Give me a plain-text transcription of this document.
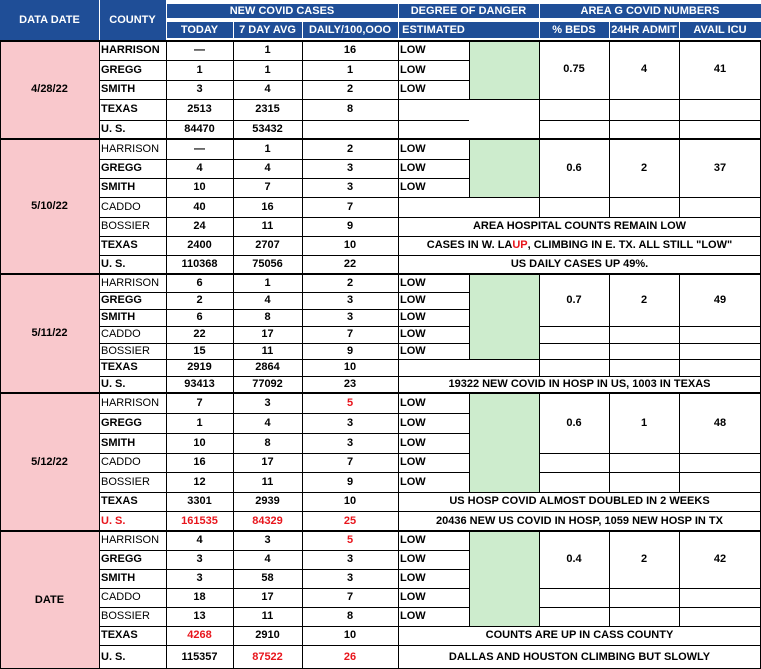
DATA DATE	COUNTY
NEW COVID CASES
TODAY	7 DAY AVG	DAILY/100,OOO
DEGREE OF DANGER
ESTIMATED
AREA G COVID NUMBERS
% BEDS	24HR ADMIT	AVAIL ICU
4/28/22
HARRISON	—	1	16	LOW
GREGG	1	1	1	LOW
SMITH	3	4	2	LOW
TEXAS	2513	2315	8
U. S.	84470	53432
0.75	4	41
5/10/22
HARRISON	—	1	2	LOW
GREGG	4	4	3	LOW
SMITH	10	7	3	LOW
CADDO	40	16	7
BOSSIER	24	11	9
TEXAS	2400	2707	10
U. S.	110368	75056	22
0.6	2	37
AREA HOSPITAL COUNTS REMAIN LOW
CASES IN W. LA UP , CLIMBING IN E. TX. ALL STILL "LOW"
US DAILY CASES UP 49%.
5/11/22
HARRISON	6	1	2	LOW
GREGG	2	4	3	LOW
SMITH	6	8	3	LOW
CADDO	22	17	7	LOW
BOSSIER	15	11	9	LOW
TEXAS	2919	2864	10
U. S.	93413	77092	23
0.7	2	49
19322 NEW COVID IN HOSP IN US, 1003 IN TEXAS
5/12/22
HARRISON	7	3	5	LOW
GREGG	1	4	3	LOW
SMITH	10	8	3	LOW
CADDO	16	17	7	LOW
BOSSIER	12	11	9	LOW
TEXAS	3301	2939	10
U. S.	161535	84329	25
0.6	1	48
US HOSP COVID ALMOST DOUBLED IN 2 WEEKS
20436 NEW US COVID IN HOSP, 1059 NEW HOSP IN TX
DATE
HARRISON	4	3	5	LOW
GREGG	3	4	3	LOW
SMITH	3	58	3	LOW
CADDO	18	17	7	LOW
BOSSIER	13	11	8	LOW
TEXAS	4268	2910	10
U. S.	115357	87522	26
0.4	2	42
COUNTS ARE UP IN CASS COUNTY
DALLAS AND HOUSTON CLIMBING BUT SLOWLY
